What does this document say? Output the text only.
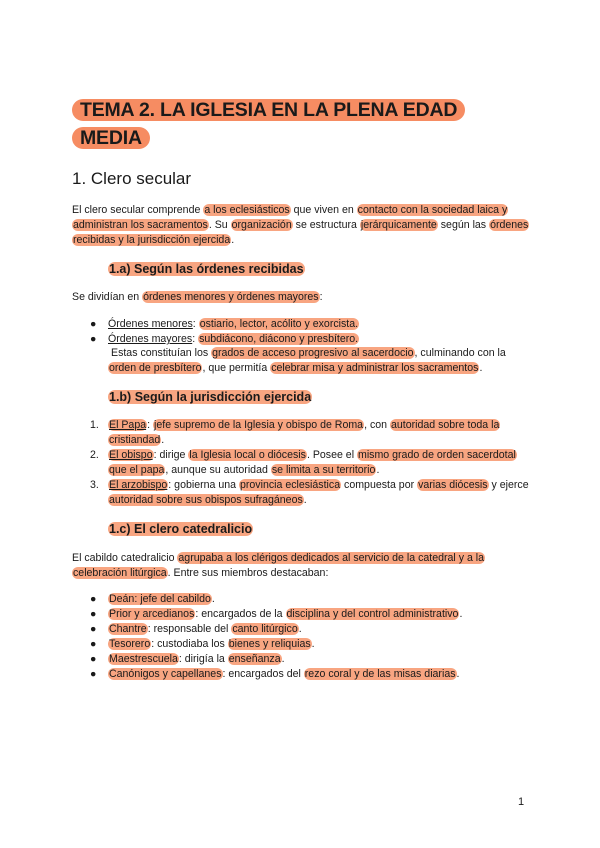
TEMA 2. LA IGLESIA EN LA PLENA EDAD
MEDIA
1. Clero secular

El clero secular comprende a los eclesiásticos que viven en contacto con la sociedad laica y administran los sacramentos. Su organización se estructura jerárquicamente según las órdenes recibidas y la jurisdicción ejercida.

1.a) Según las órdenes recibidas

Se dividían en órdenes menores y órdenes mayores:

● Órdenes menores: ostiario, lector, acólito y exorcista.
● Órdenes mayores: subdiácono, diácono y presbítero.

Estas constituían los grados de acceso progresivo al sacerdocio, culminando con la orden de presbítero, que permitía celebrar misa y administrar los sacramentos.

1.b) Según la jurisdicción ejercida
1. El Papa: jefe supremo de la Iglesia y obispo de Roma, con autoridad sobre toda la cristiandad.
2. El obispo: dirige la Iglesia local o diócesis. Posee el mismo grado de orden sacerdotal que el papa, aunque su autoridad se limita a su territorio.
3. El arzobispo: gobierna una provincia eclesiástica compuesta por varias diócesis y ejerce autoridad sobre sus obispos sufragáneos.
1.c) El clero catedralicio

El cabildo catedralicio agrupaba a los clérigos dedicados al servicio de la catedral y a la celebración litúrgica. Entre sus miembros destacaban:

● Deán: jefe del cabildo.
● Prior y arcedianos: encargados de la disciplina y del control administrativo.
● Chantre: responsable del canto litúrgico.
● Tesorero: custodiaba los bienes y reliquias.
● Maestrescuela: dirigía la enseñanza.
● Canónigos y capellanes: encargados del rezo coral y de las misas diarias.
1
